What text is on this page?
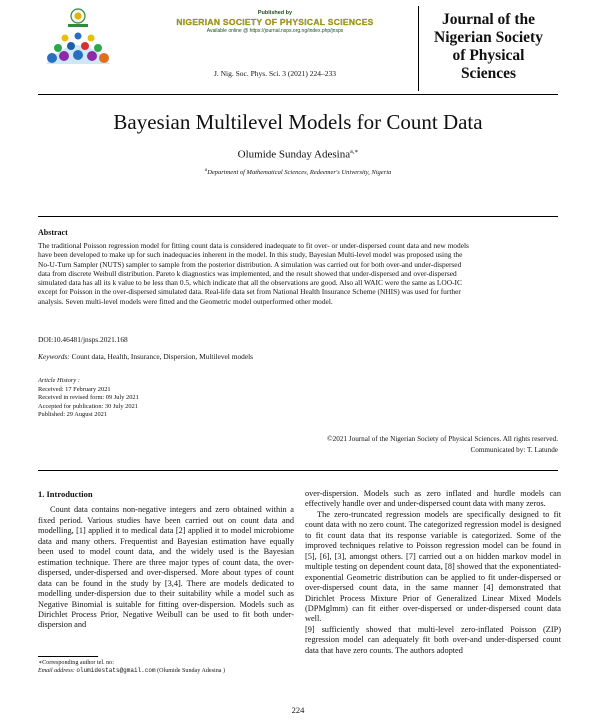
Published by
NIGERIAN SOCIETY OF PHYSICAL SCIENCES
Available online @ https://journal.nsps.org.ng/index.php/jnsps
J. Nig. Soc. Phys. Sci. 3 (2021) 224–233
Journal of the
Nigerian Society
of Physical
Sciences
Bayesian Multilevel Models for Count Data
Olumide Sunday Adesina$^{a,∗}$
$^a$Department of Mathematical Sciences, Redeemer's University, Nigeria
Abstract
The traditional Poisson regression model for fitting count data is considered inadequate to fit over- or under-dispersed count data and new models
have been developed to make up for such inadequacies inherent in the model. In this study, Bayesian Multi-level model was proposed using the
No-U-Turn Sampler (NUTS) sampler to sample from the posterior distribution. A simulation was carried out for both over-and under-dispersed
data from discrete Weibull distribution. Pareto k diagnostics was implemented, and the result showed that under-dispersed and over-dispersed
simulated data has all its k value to be less than 0.5, which indicate that all the observations are good. Also all WAIC were the same as LOO-IC
except for Poisson in the over-dispersed simulated data. Real-life data set from National Health Insurance Scheme (NHIS) was used for further
analysis. Seven multi-level models were fitted and the Geometric model outperformed other model.
DOI:10.46481/jnsps.2021.168
Keywords: Count data, Health, Insurance, Dispersion, Multilevel models
Article History :
Received: 17 February 2021
Received in revised form: 09 July 2021
Accepted for publication: 30 July 2021
Published: 29 August 2021
©2021 Journal of the Nigerian Society of Physical Sciences. All rights reserved.
Communicated by: T. Latunde

1. Introduction

Count data contains non-negative integers and zero obtained within a fixed period. Various studies have been carried out on count data and modelling, [1] applied it to medical data [2] applied it to model microbiome data and many others. Frequentist and Bayesian estimation have equally been used to model count data, and the widely used is the Bayesian estimation technique. There are three major types of count data, the over-dispersed, under-dispersed and over-dispersed. More about types of count data can be found in the study by [3,4]. There are models dedicated to modelling under-dispersion due to their suitability while a model such as Negative Binomial is suitable for fitting over-dispersion. Models such as Dirichlet Process Prior, Negative Weibull can be used to fit both under-dispersion and

over-dispersion. Models such as zero inflated and hurdle models can effectively handle over and under-dispersed count data with many zeros.

The zero-truncated regression models are specifically designed to fit count data with no zero count. The categorized regression model is designed to fit count data that its response variable is categorized. Some of the improved techniques relative to Poisson regression model can be found in [5], [6], [3], amongst others. [7] carried out a on hidden markov model in multiple testing on dependent count data, [8] showed that the exponentiated-exponential Geometric distribution can be applied to fit under-dispersed or over-dispersed count data, in the same manner [4] demonstrated that Dirichlet Process Mixture Prior of Generalized Linear Mixed Models (DPMglmm) can fit either over-dispersed or under-dispersed count data well.

[9] sufficiently showed that multi-level zero-inflated Poisson (ZIP) regression model can adequately fit both over-and under-dispersed count data that have zero counts. The authors adopted

∗Corresponding author tel. no:
Email address: olumidestats@gmail.com (Olumide Sunday Adesina )
224
